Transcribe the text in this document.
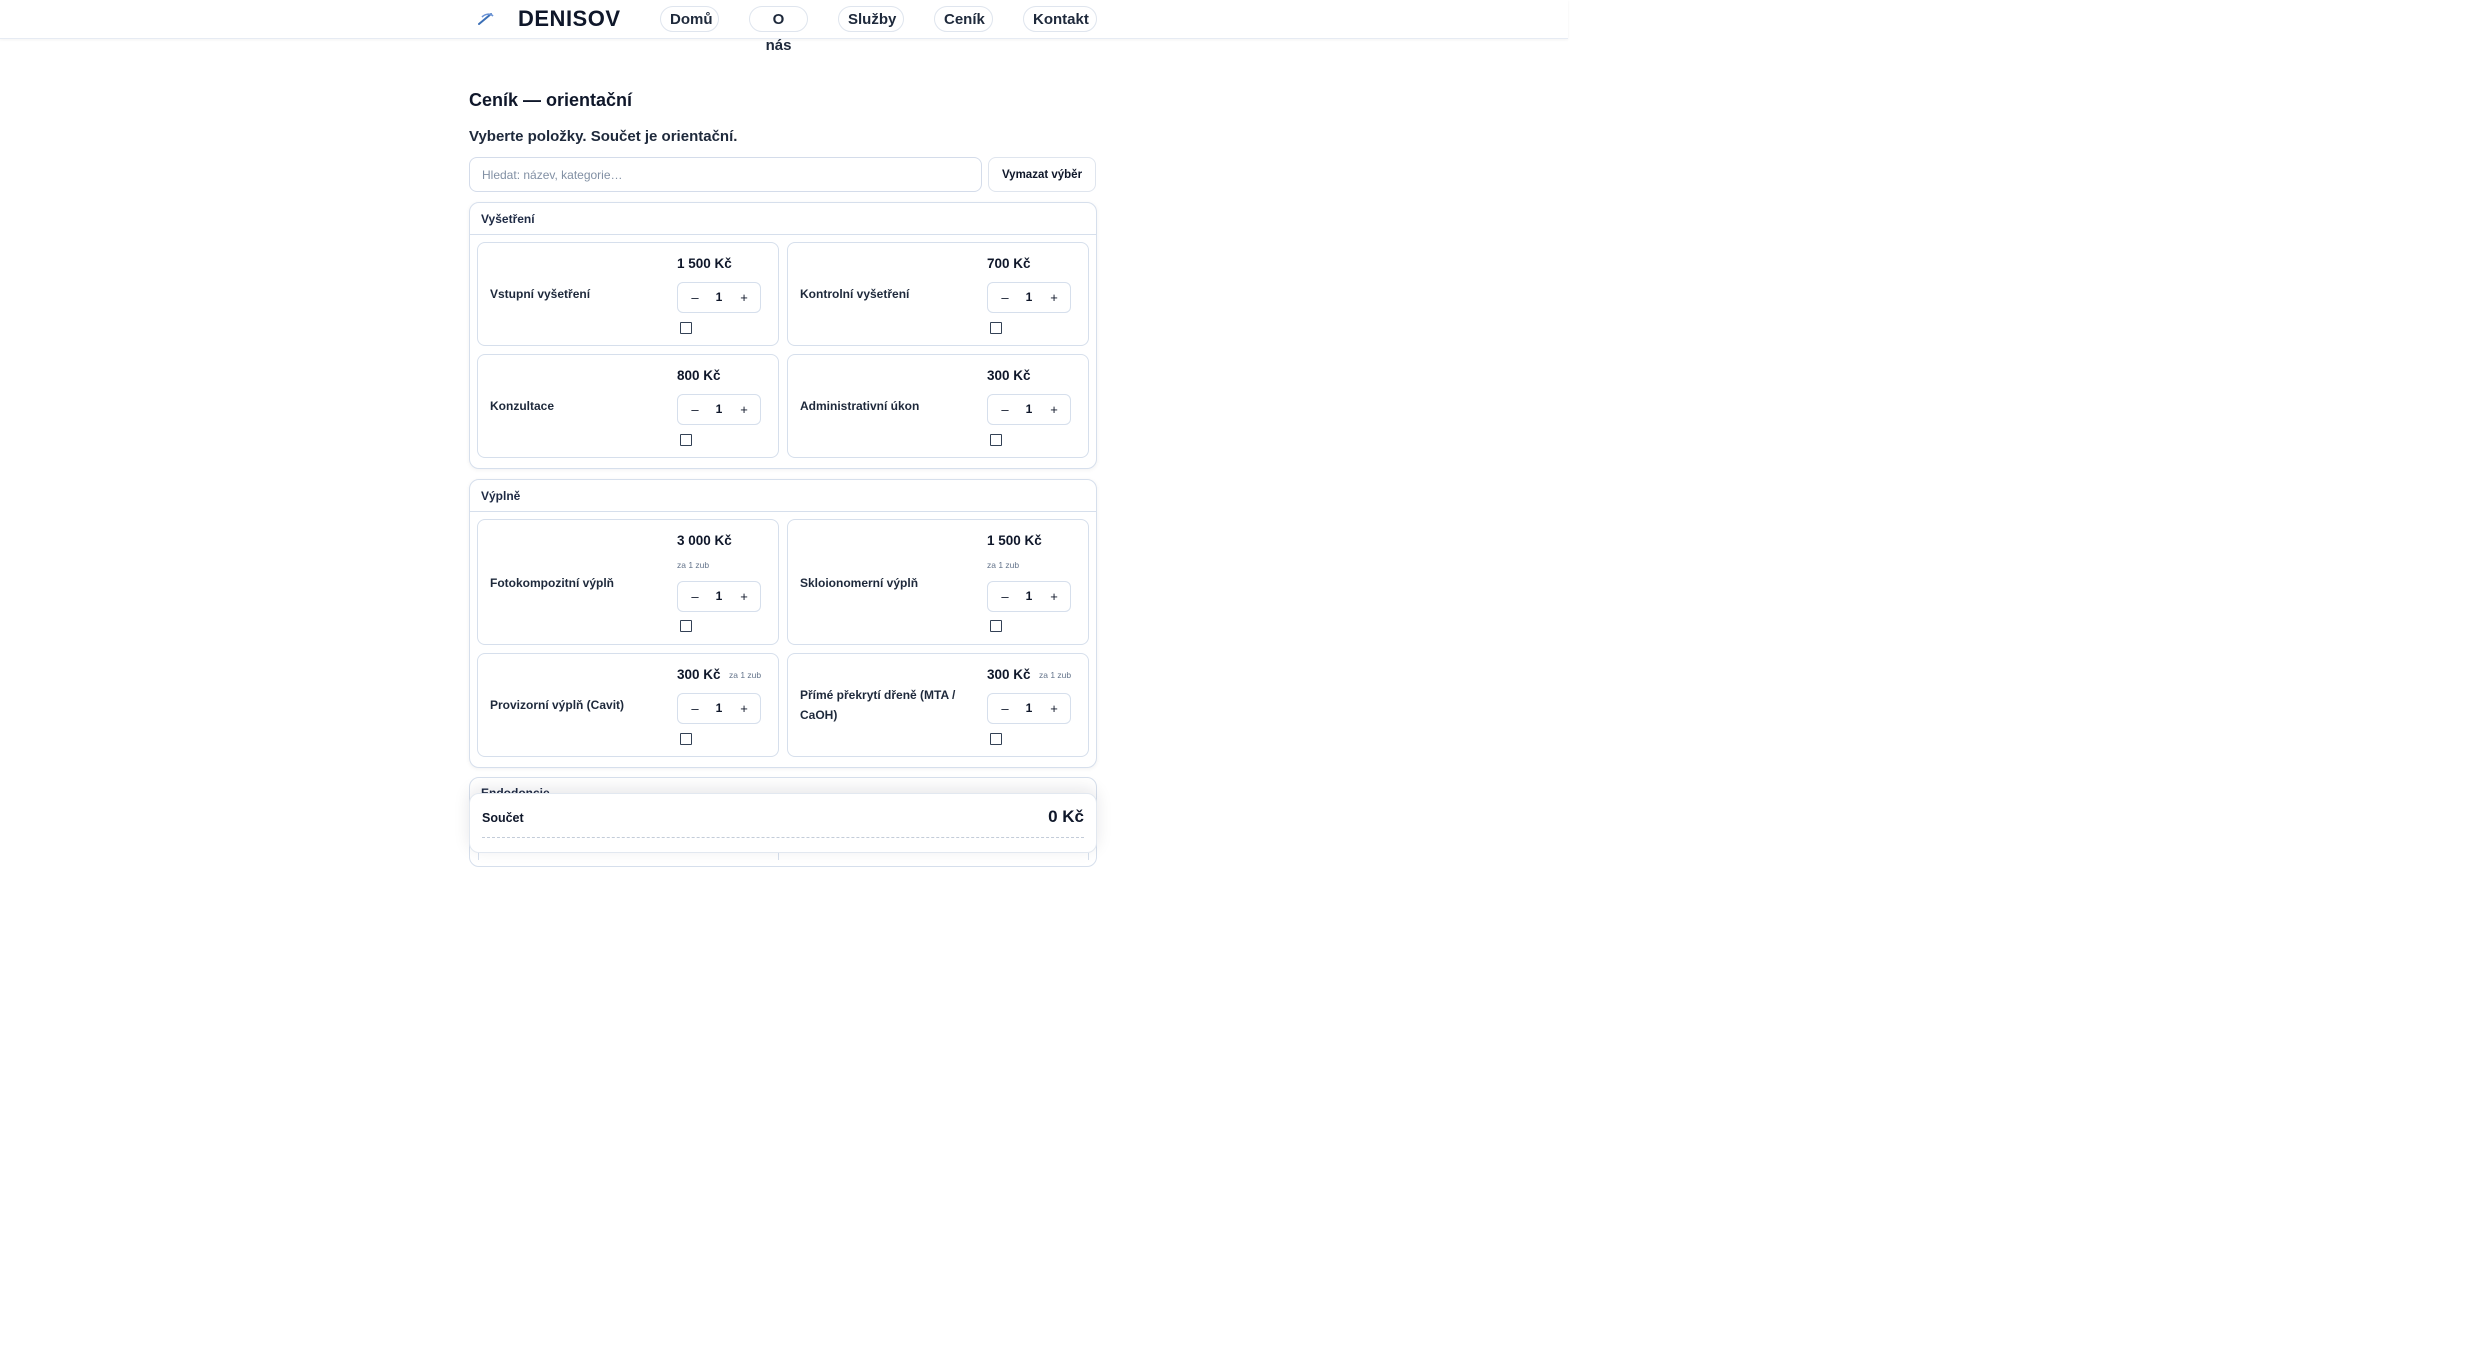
DENISOV	Domů	O nás
Služby	Ceník	Kontakt
Ceník — orientační
Vyberte položky. Součet je orientační.
Hledat: název, kategorie…
Vymazat výběr
Vyšetření
Vstupní vyšetření
1 500 Kč
–	1	+	Kontrolní vyšetření
700 Kč
–	1	+
Konzultace
800 Kč
–	1	+	Administrativní úkon
300 Kč
–	1	+
Výplně
Fotokompozitní výplň
3 000 Kč
za 1 zub
–	1	+
Skloionomerní výplň
1 500 Kč
za 1 zub
–	1	+
Provizorní výplň (Cavit)
300 Kč za 1 zub
–	1	+
Přímé překrytí dřeně (MTA / CaOH)
300 Kč za 1 zub
–	1	+
Součet	0 Kč
